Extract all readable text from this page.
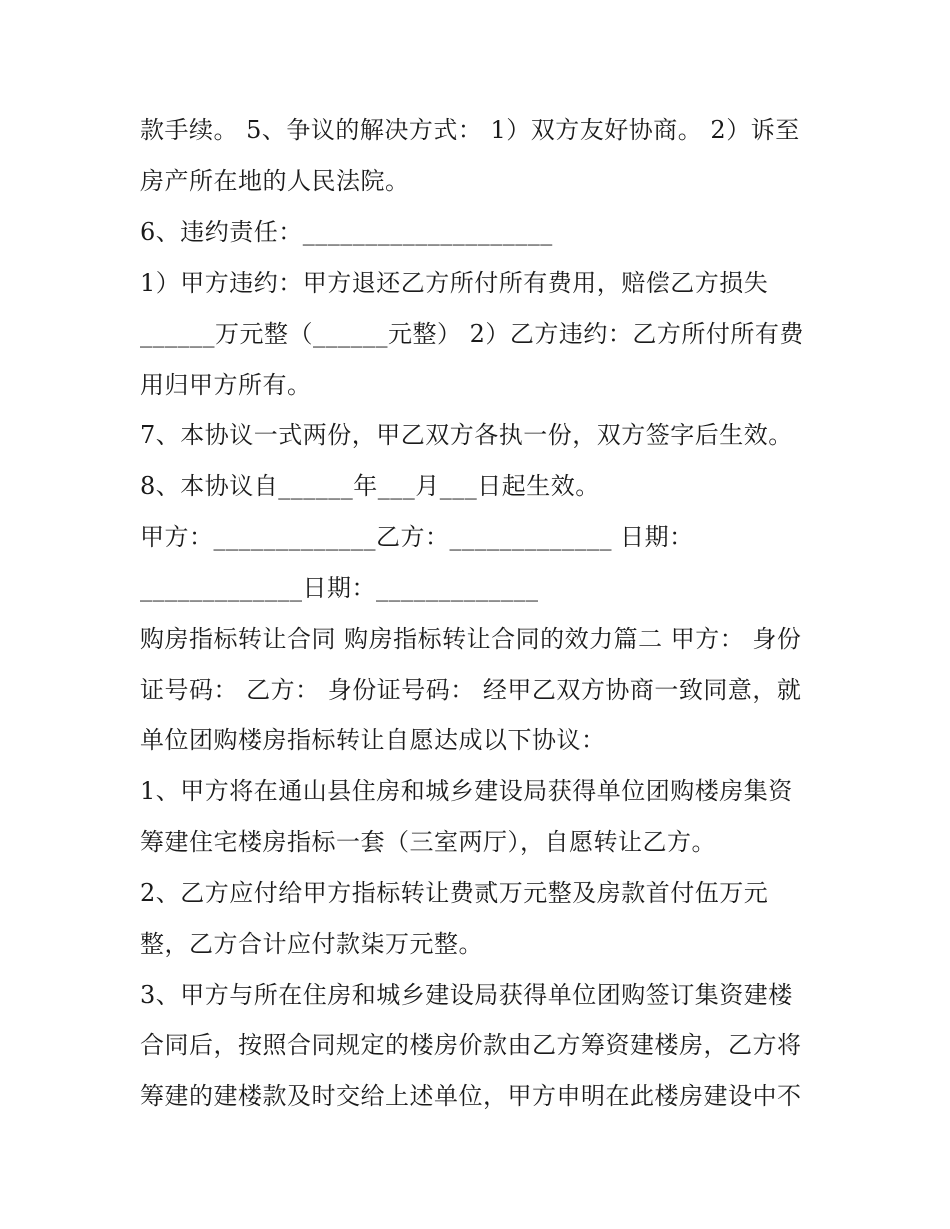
款手续。 5、争议的解决方式： 1）双方友好协商。 2）诉至
房产所在地的人民法院。
6、违约责任：____________________
1）甲方违约：甲方退还乙方所付所有费用，赔偿乙方损失
______万元整（______元整） 2）乙方违约：乙方所付所有费
用归甲方所有。
7、本协议一式两份，甲乙双方各执一份，双方签字后生效。
8、本协议自______年___月___日起生效。
甲方：_____________乙方：_____________ 日期：
_____________日期：_____________
购房指标转让合同 购房指标转让合同的效力篇二 甲方： 身份
证号码： 乙方： 身份证号码： 经甲乙双方协商一致同意，就
单位团购楼房指标转让自愿达成以下协议：
1、甲方将在通山县住房和城乡建设局获得单位团购楼房集资
筹建住宅楼房指标一套（三室两厅），自愿转让乙方。
2、乙方应付给甲方指标转让费贰万元整及房款首付伍万元
整，乙方合计应付款柒万元整。
3、甲方与所在住房和城乡建设局获得单位团购签订集资建楼
合同后，按照合同规定的楼房价款由乙方筹资建楼房，乙方将
筹建的建楼款及时交给上述单位，甲方申明在此楼房建设中不
